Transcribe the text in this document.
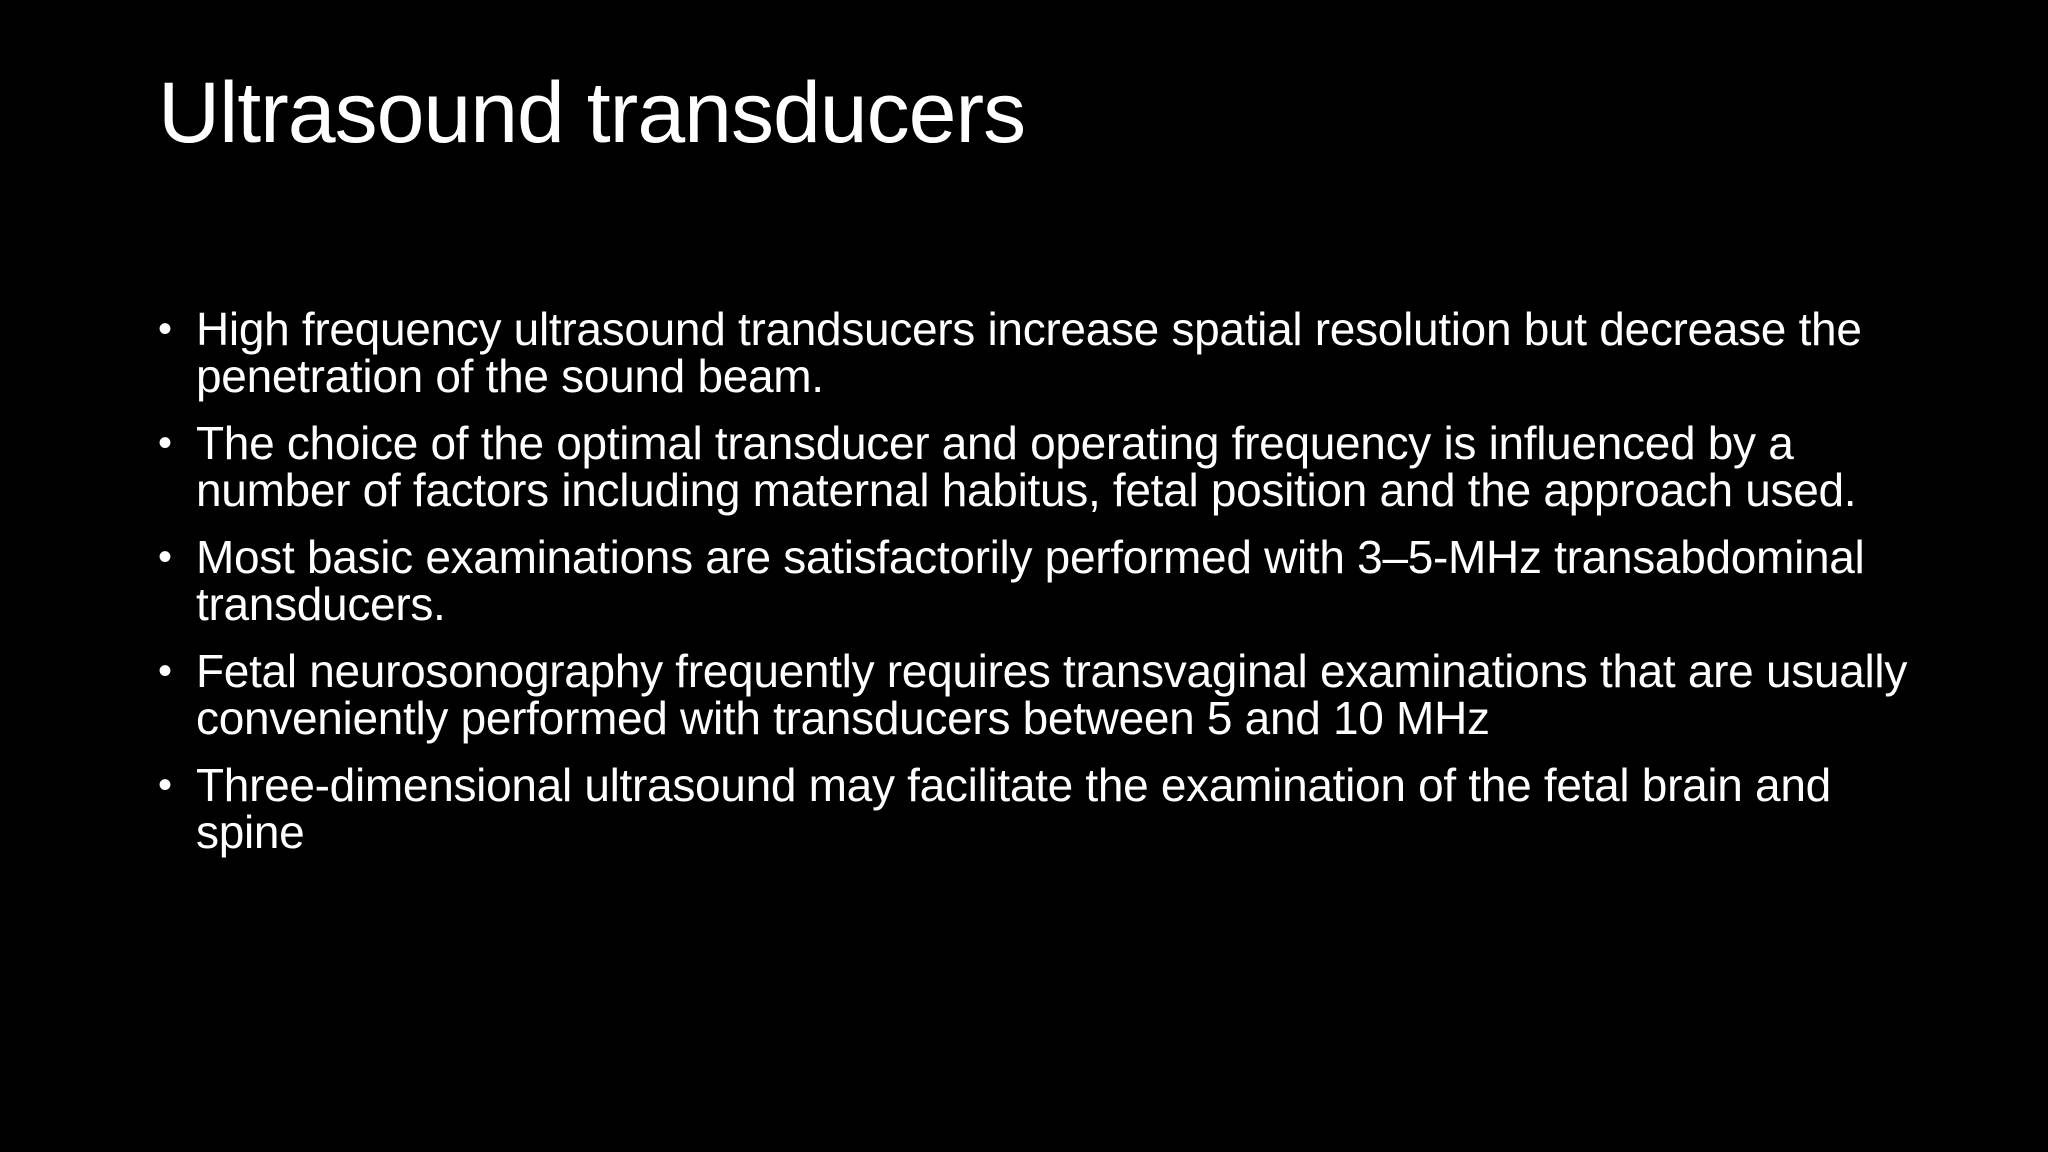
Ultrasound transducers
• High frequency ultrasound trandsucers increase spatial resolution but decrease the penetration of the sound beam.
• The choice of the optimal transducer and operating frequency is influenced by a number of factors including maternal habitus, fetal position and the approach used.
• Most basic examinations are satisfactorily performed with 3–5-MHz transabdominal transducers.
• Fetal neurosonography frequently requires transvaginal examinations that are usually conveniently performed with transducers between 5 and 10 MHz
• Three-dimensional ultrasound may facilitate the examination of the fetal brain and spine
